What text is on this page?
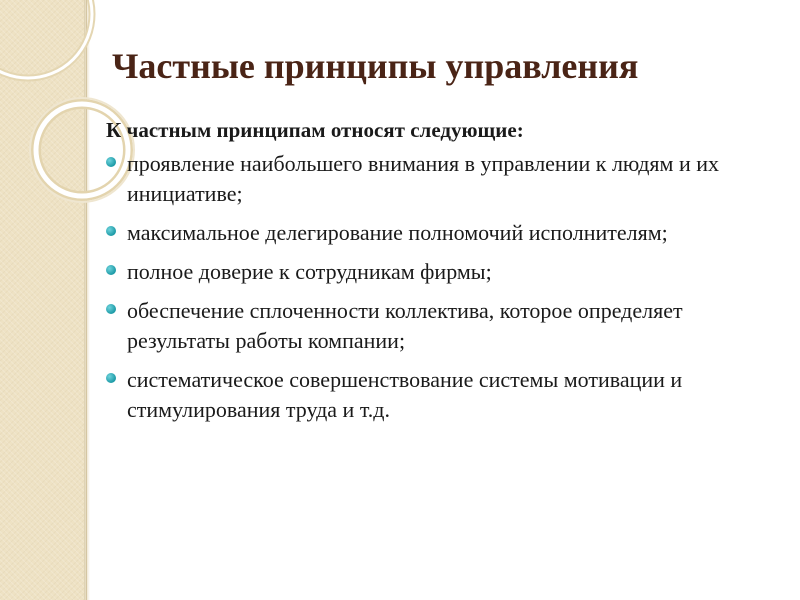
Частные принципы управления

К частным принципам относят следующие:

проявление наибольшего внимания в управлении к людям и их инициативе;
максимальное делегирование полномочий исполнителям;
полное доверие к сотрудникам фирмы;
обеспечение сплоченности коллектива, которое определяет результаты работы компании;
систематическое совершенствование системы мотивации и стимулирования труда и т.д.
